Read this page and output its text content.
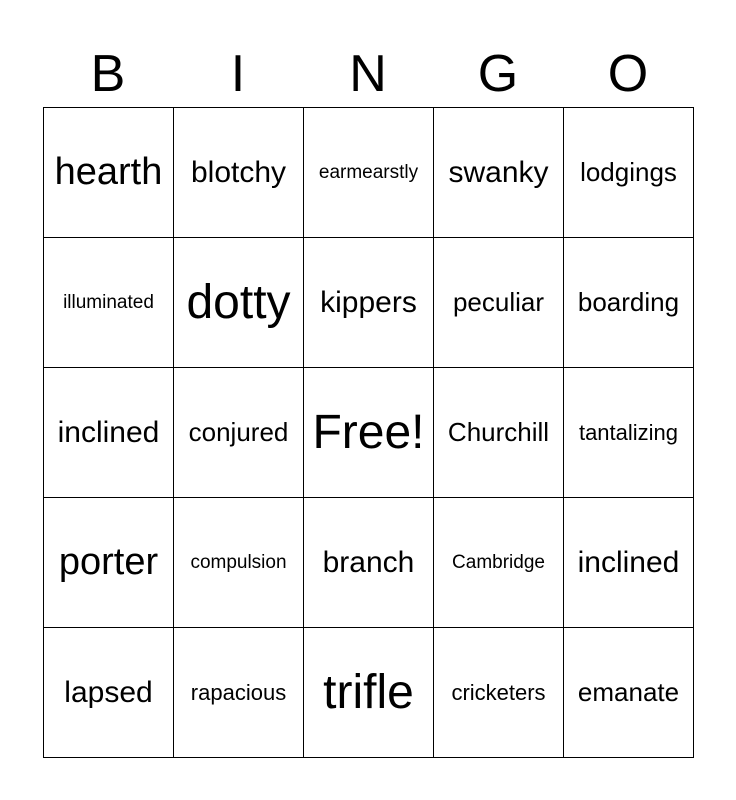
B	I	N	G	O
hearth blotchy earmearstly swanky lodgings
illuminated dotty kippers peculiar boarding
inclined conjured Free! Churchill tantalizing
porter compulsion branch Cambridge inclined
lapsed rapacious trifle cricketers emanate
